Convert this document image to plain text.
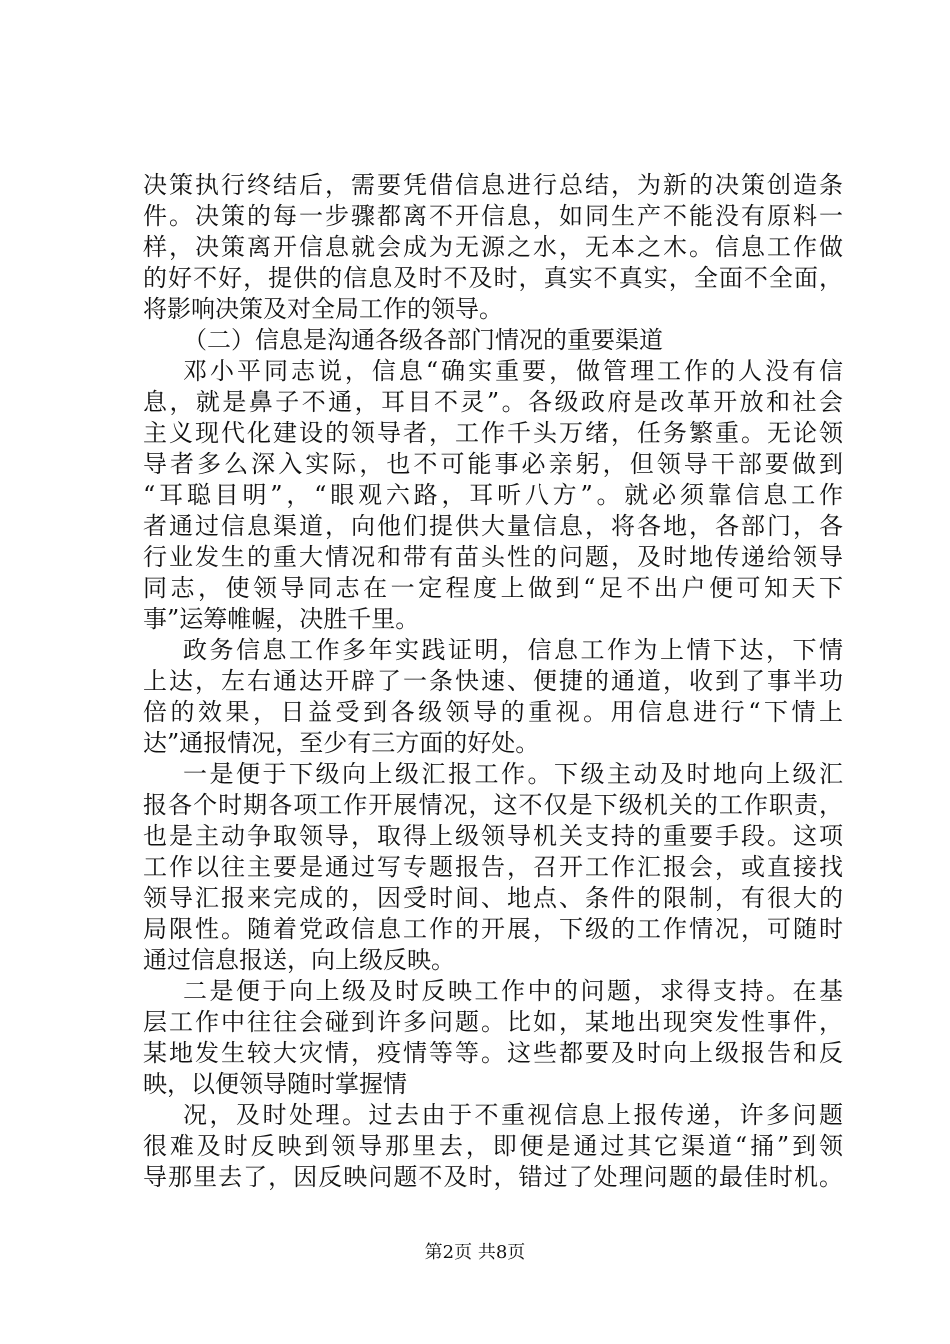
决策执行终结后，需要凭借信息进行总结，为新的决策创造条
件。决策的每一步骤都离不开信息，如同生产不能没有原料一
样，决策离开信息就会成为无源之水，无本之木。信息工作做
的好不好，提供的信息及时不及时，真实不真实，全面不全面，
将影响决策及对全局工作的领导。
（二）信息是沟通各级各部门情况的重要渠道
邓小平同志说，信息“确实重要，做管理工作的人没有信
息，就是鼻子不通，耳目不灵”。各级政府是改革开放和社会
主义现代化建设的领导者，工作千头万绪，任务繁重。无论领
导者多么深入实际，也不可能事必亲躬，但领导干部要做到
“耳聪目明”，“眼观六路，耳听八方”。就必须靠信息工作
者通过信息渠道，向他们提供大量信息，将各地，各部门，各
行业发生的重大情况和带有苗头性的问题，及时地传递给领导
同志，使领导同志在一定程度上做到“足不出户便可知天下
事”运筹帷幄，决胜千里。
政务信息工作多年实践证明，信息工作为上情下达，下情
上达，左右通达开辟了一条快速、便捷的通道，收到了事半功
倍的效果，日益受到各级领导的重视。用信息进行“下情上
达”通报情况，至少有三方面的好处。
一是便于下级向上级汇报工作。下级主动及时地向上级汇
报各个时期各项工作开展情况，这不仅是下级机关的工作职责，
也是主动争取领导，取得上级领导机关支持的重要手段。这项
工作以往主要是通过写专题报告，召开工作汇报会，或直接找
领导汇报来完成的，因受时间、地点、条件的限制，有很大的
局限性。随着党政信息工作的开展，下级的工作情况，可随时
通过信息报送，向上级反映。
二是便于向上级及时反映工作中的问题，求得支持。在基
层工作中往往会碰到许多问题。比如，某地出现突发性事件，
某地发生较大灾情，疫情等等。这些都要及时向上级报告和反
映，以便领导随时掌握情
况，及时处理。过去由于不重视信息上报传递，许多问题
很难及时反映到领导那里去，即便是通过其它渠道“捅”到领
导那里去了，因反映问题不及时，错过了处理问题的最佳时机。
第2页 共8页
